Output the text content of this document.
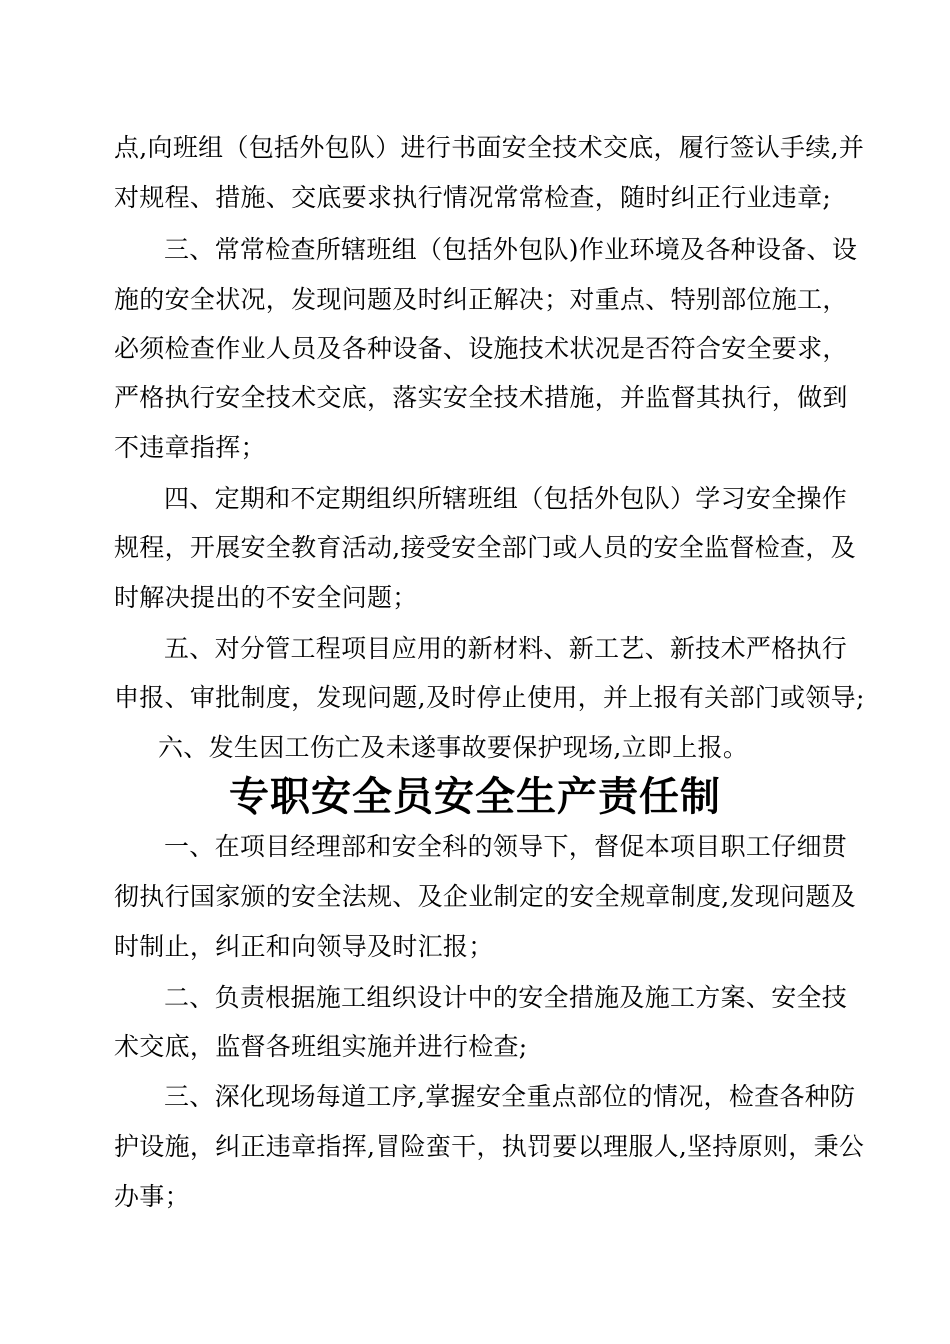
点,向班组（包括外包队）进行书面安全技术交底，履行签认手续,并
对规程、措施、交底要求执行情况常常检查，随时纠正行业违章;
三、常常检查所辖班组（包括外包队)作业环境及各种设备、设
施的安全状况，发现问题及时纠正解决；对重点、特别部位施工，
必须检查作业人员及各种设备、设施技术状况是否符合安全要求，
严格执行安全技术交底，落实安全技术措施，并监督其执行，做到
不违章指挥；
四、定期和不定期组织所辖班组（包括外包队）学习安全操作
规程，开展安全教育活动,接受安全部门或人员的安全监督检查，及
时解决提出的不安全问题；
五、对分管工程项目应用的新材料、新工艺、新技术严格执行
申报、审批制度，发现问题,及时停止使用，并上报有关部门或领导;
六、发生因工伤亡及未遂事故要保护现场,立即上报。
专职安全员安全生产责任制
一、在项目经理部和安全科的领导下，督促本项目职工仔细贯
彻执行国家颁的安全法规、及企业制定的安全规章制度,发现问题及
时制止，纠正和向领导及时汇报；
二、负责根据施工组织设计中的安全措施及施工方案、安全技
术交底，监督各班组实施并进行检查;
三、深化现场每道工序,掌握安全重点部位的情况，检查各种防
护设施，纠正违章指挥,冒险蛮干，执罚要以理服人,坚持原则，秉公
办事；
